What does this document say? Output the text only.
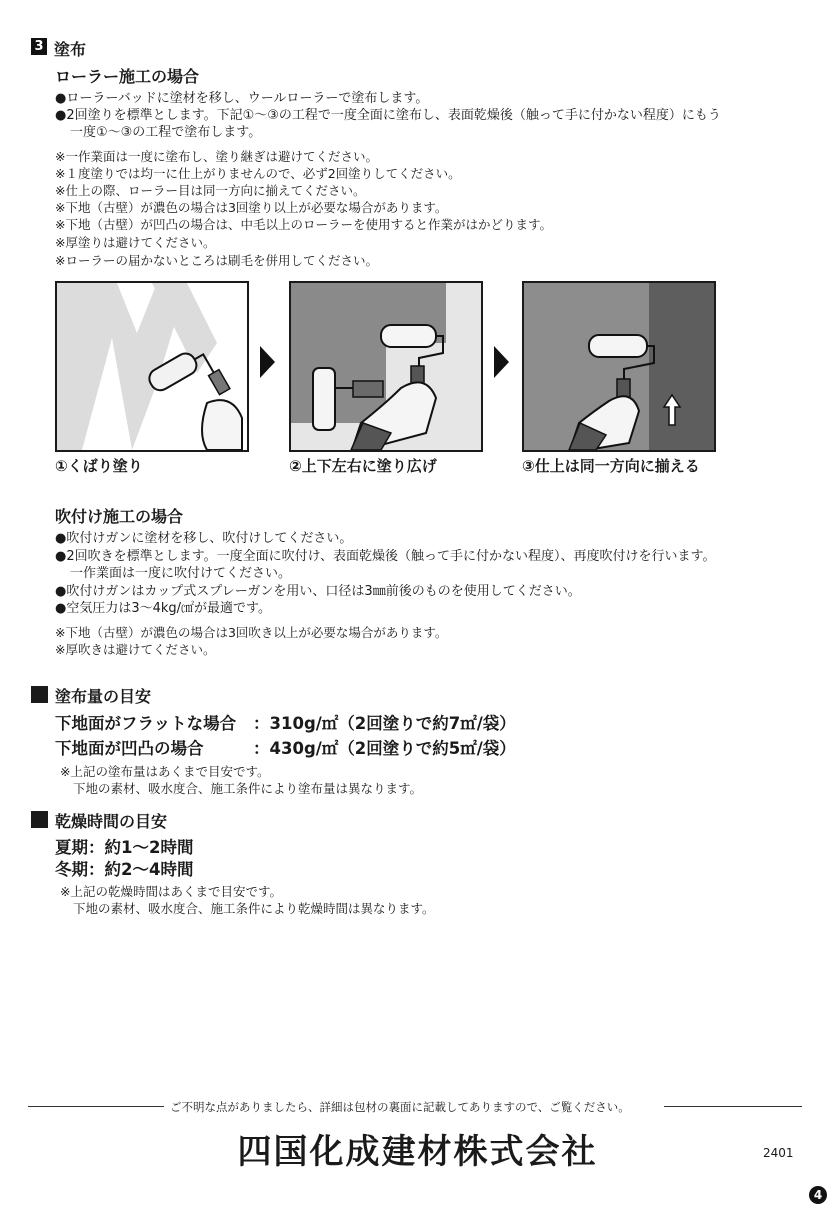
3 塗布
ローラー施工の場合
●ローラーバッドに塗材を移し、ウールローラーで塗布します。
●2回塗りを標準とします。下記①～③の工程で一度全面に塗布し、表面乾燥後（触って手に付かない程度）にもう
一度①～③の工程で塗布します。
※一作業面は一度に塗布し、塗り継ぎは避けてください。
※１度塗りでは均一に仕上がりませんので、必ず2回塗りしてください。
※仕上の際、ローラー目は同一方向に揃えてください。
※下地（古壁）が濃色の場合は3回塗り以上が必要な場合があります。
※下地（古壁）が凹凸の場合は、中毛以上のローラーを使用すると作業がはかどります。
※厚塗りは避けてください。
※ローラーの届かないところは刷毛を併用してください。
①くばり塗り	②上下左右に塗り広げ	③仕上は同一方向に揃える
吹付け施工の場合
●吹付けガンに塗材を移し、吹付けしてください。
●2回吹きを標準とします。一度全面に吹付け、表面乾燥後（触って手に付かない程度）、再度吹付けを行います。
一作業面は一度に吹付けてください。
●吹付けガンはカップ式スプレーガンを用い、口径は3㎜前後のものを使用してください。
●空気圧力は3～4kg/㎠が最適です。
※下地（古壁）が濃色の場合は3回吹き以上が必要な場合があります。
※厚吹きは避けてください。
塗布量の目安
下地面がフラットな場合 ：310g/㎡（2回塗りで約7㎡/袋）
下地面が凹凸の場合	：430g/㎡（2回塗りで約5㎡/袋）
※上記の塗布量はあくまで目安です。
下地の素材、吸水度合、施工条件により塗布量は異なります。
乾燥時間の目安
夏期：約1～2時間
冬期：約2～4時間
※上記の乾燥時間はあくまで目安です。
下地の素材、吸水度合、施工条件により乾燥時間は異なります。
ご不明な点がありましたら、詳細は包材の裏面に記載してありますので、ご覧ください。
四国化成建材株式会社	2401
4
